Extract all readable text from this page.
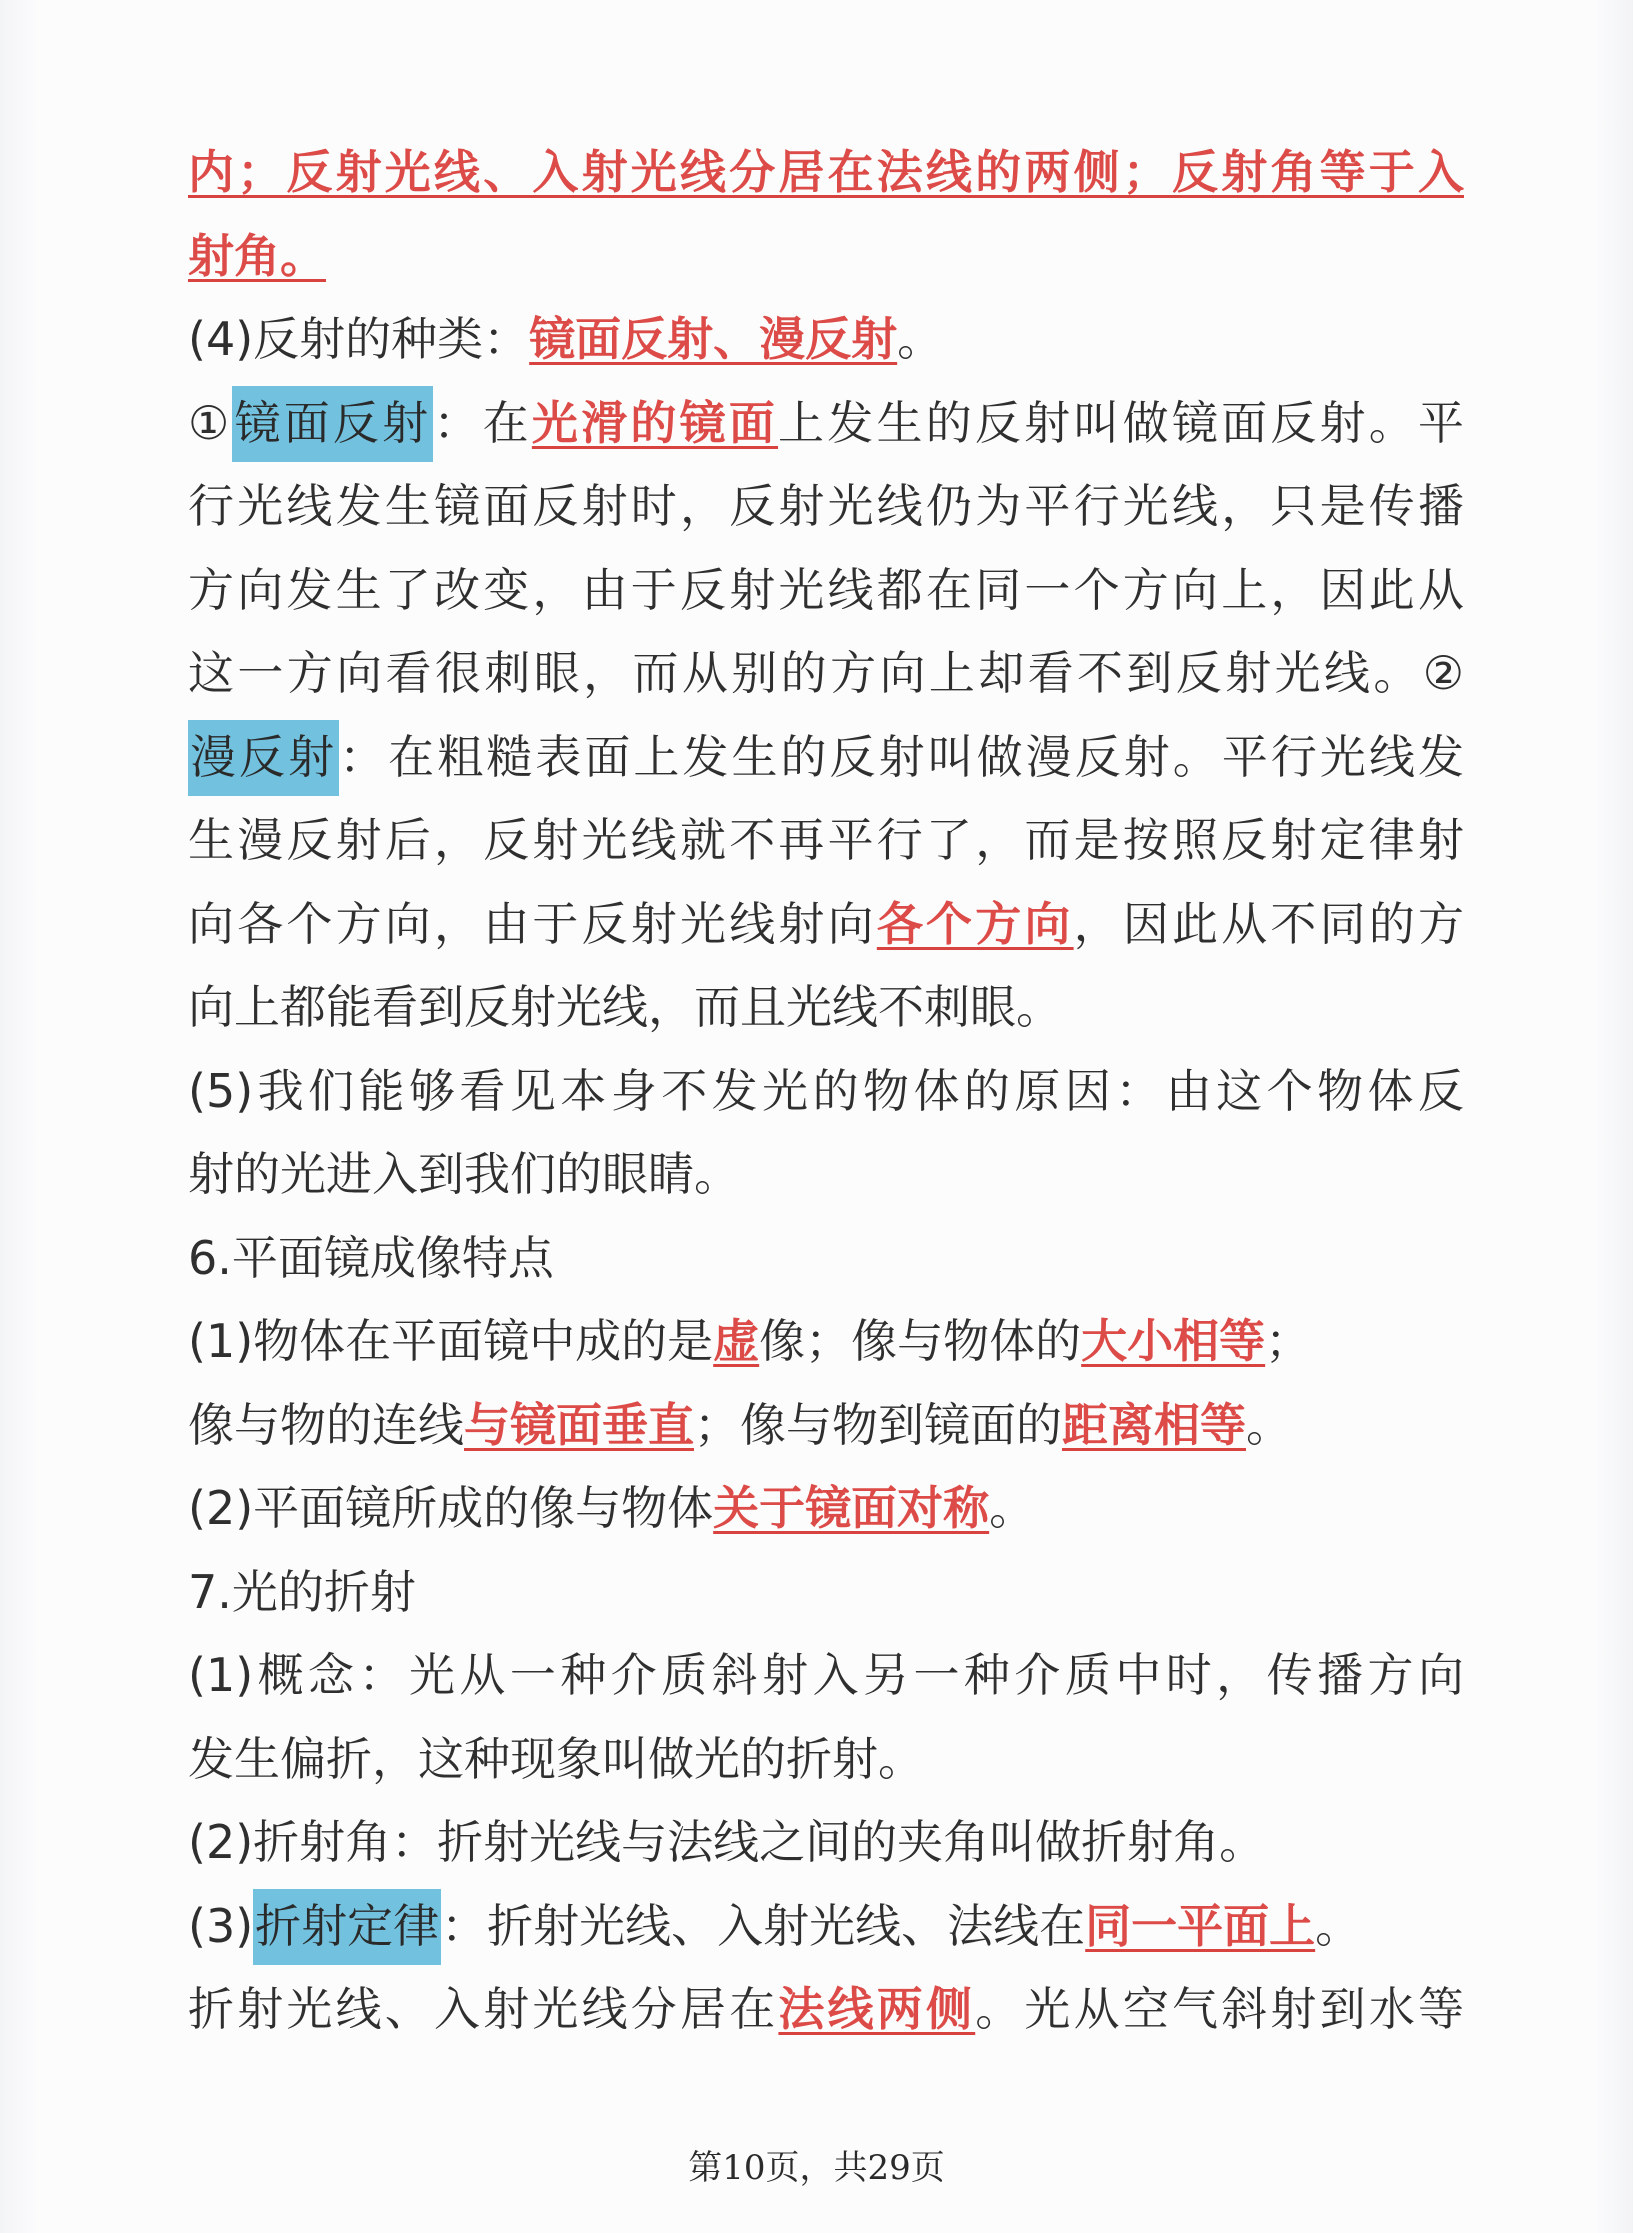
内；反射光线、入射光线分居在法线的两侧；反射角等于入
射角。
(4)反射的种类：镜面反射、漫反射。
①镜面反射：在光滑的镜面上发生的反射叫做镜面反射。平
行光线发生镜面反射时，反射光线仍为平行光线，只是传播
方向发生了改变，由于反射光线都在同一个方向上，因此从
这一方向看很刺眼，而从别的方向上却看不到反射光线。②
漫反射：在粗糙表面上发生的反射叫做漫反射。平行光线发
生漫反射后，反射光线就不再平行了，而是按照反射定律射
向各个方向，由于反射光线射向各个方向，因此从不同的方
向上都能看到反射光线，而且光线不刺眼。
(5)我们能够看见本身不发光的物体的原因：由这个物体反
射的光进入到我们的眼睛。
6.平面镜成像特点
(1)物体在平面镜中成的是虚像；像与物体的大小相等；
像与物的连线与镜面垂直；像与物到镜面的距离相等。
(2)平面镜所成的像与物体关于镜面对称。
7.光的折射
(1)概念：光从一种介质斜射入另一种介质中时，传播方向
发生偏折，这种现象叫做光的折射。
(2)折射角：折射光线与法线之间的夹角叫做折射角。
(3)折射定律：折射光线、入射光线、法线在同一平面上。
折射光线、入射光线分居在法线两侧。光从空气斜射到水等
第10页，共29页
